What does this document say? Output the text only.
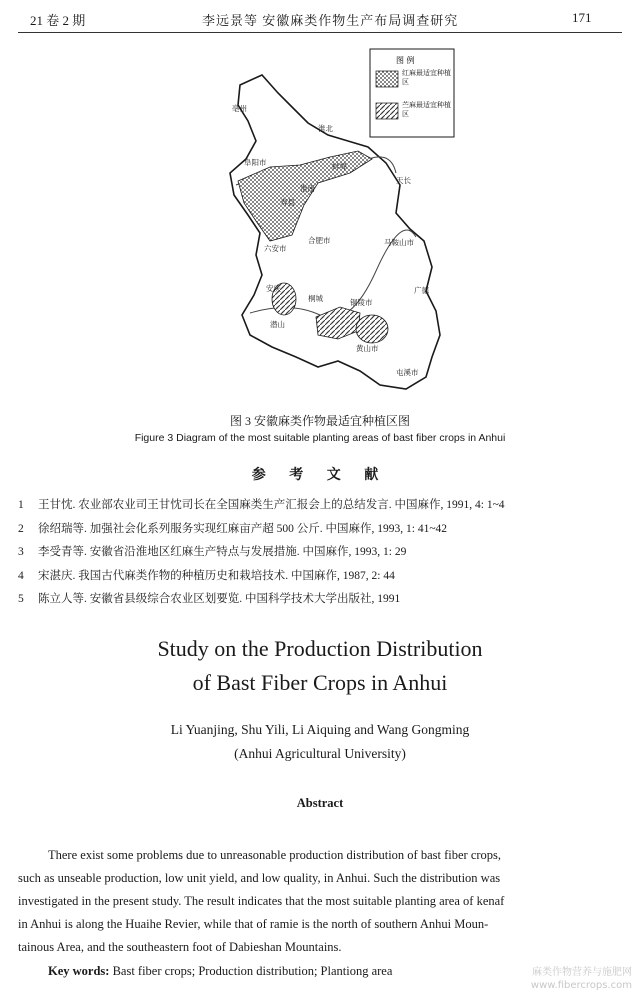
21 卷 2 期	李远景等 安徽麻类作物生产布局调查研究	171
亳州
淮北
阜阳市	蚌埠
淮南
寿县
六安市
合肥市
天长
马鞍山市
广德
安庆
潜山
桐城	铜陵市
黄山市
屯溪市
图 例
红麻最适宜种植区
苎麻最适宜种植区
图 3 安徽麻类作物最适宜种植区图
Figure 3 Diagram of the most suitable planting areas of bast fiber crops in Anhui
参 考 文 献
1 王甘忱. 农业部农业司王甘忱司长在全国麻类生产汇报会上的总结发言. 中国麻作, 1991, 4: 1~4
2 徐绍瑞等. 加强社会化系列服务实现红麻亩产超 500 公斤. 中国麻作, 1993, 1: 41~42
3 李受青等. 安徽省沿淮地区红麻生产特点与发展措施. 中国麻作, 1993, 1: 29
4 宋湛庆. 我国古代麻类作物的种植历史和栽培技术. 中国麻作, 1987, 2: 44
5 陈立人等. 安徽省县级综合农业区划要览. 中国科学技术大学出版社, 1991
Study on the Production Distribution
of Bast Fiber Crops in Anhui
Li Yuanjing, Shu Yili, Li Aiquing and Wang Gongming
(Anhui Agricultural University)
Abstract
There exist some problems due to unreasonable production distribution of bast fiber crops,
such as unseable production, low unit yield, and low quality, in Anhui. Such the distribution was
investigated in the present study. The result indicates that the most suitable planting area of kenaf
in Anhui is along the Huaihe Revier, while that of ramie is the north of southern Anhui Moun-
tainous Area, and the southeastern foot of Dabieshan Mountains.
Key words: Bast fiber crops; Production distribution; Plantiong area	麻类作物营养与施肥网
www.fibercrops.com
